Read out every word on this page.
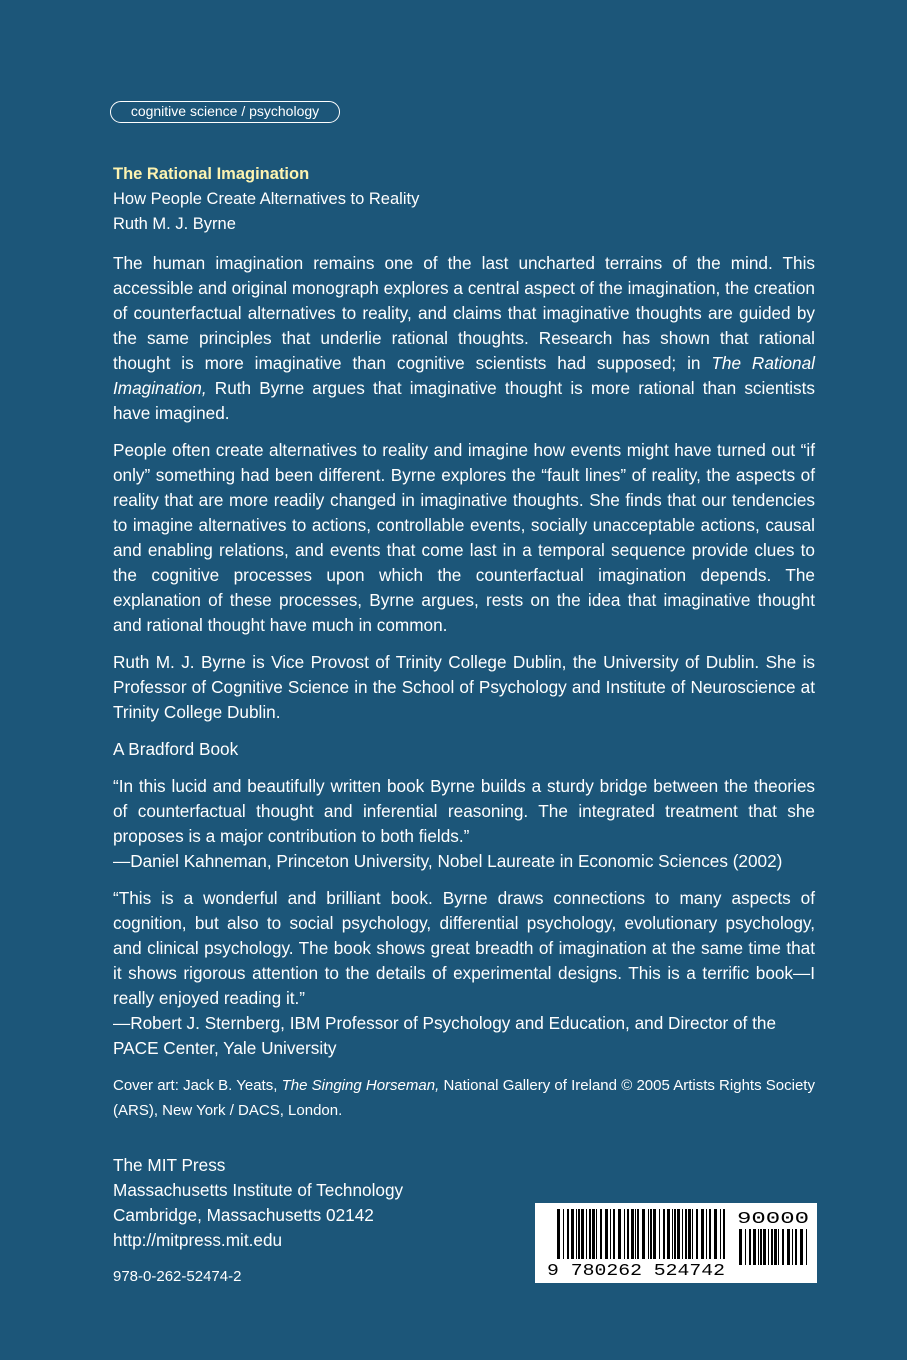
cognitive science / psychology
The Rational Imagination
How People Create Alternatives to Reality
Ruth M. J. Byrne

The human imagination remains one of the last uncharted terrains of the mind. This accessible and original monograph explores a central aspect of the imagination, the creation of counterfactual alternatives to reality, and claims that imaginative thoughts are guided by the same principles that underlie rational thoughts. Research has shown that rational thought is more imaginative than cognitive scientists had supposed; in The Rational Imagination, Ruth Byrne argues that imaginative thought is more rational than scientists have imagined.

People often create alternatives to reality and imagine how events might have turned out “if only” something had been different. Byrne explores the “fault lines” of reality, the aspects of reality that are more readily changed in imaginative thoughts. She finds that our tendencies to imagine alternatives to actions, controllable events, socially unacceptable actions, causal and enabling relations, and events that come last in a temporal sequence provide clues to the cognitive processes upon which the counterfactual imagination depends. The explanation of these processes, Byrne argues, rests on the idea that imaginative thought and rational thought have much in common.

Ruth M. J. Byrne is Vice Provost of Trinity College Dublin, the University of Dublin. She is Professor of Cognitive Science in the School of Psychology and Institute of Neuroscience at Trinity College Dublin.

A Bradford Book

“In this lucid and beautifully written book Byrne builds a sturdy bridge between the theories of counterfactual thought and inferential reasoning. The integrated treatment that she proposes is a major contribution to both fields.”
—Daniel Kahneman, Princeton University, Nobel Laureate in Economic Sciences (2002)

“This is a wonderful and brilliant book. Byrne draws connections to many aspects of cognition, but also to social psychology, differential psychology, evolutionary psychology, and clinical psychology. The book shows great breadth of imagination at the same time that it shows rigorous attention to the details of experimental designs. This is a terrific book—I really enjoyed reading it.”
—Robert J. Sternberg, IBM Professor of Psychology and Education, and Director of the PACE Center, Yale University

Cover art: Jack B. Yeats, The Singing Horseman, National Gallery of Ireland © 2005 Artists Rights Society (ARS), New York / DACS, London.

The MIT Press
Massachusetts Institute of Technology
Cambridge, Massachusetts 02142
http://mitpress.mit.edu
978-0-262-52474-2	9 780262 524742
90000
